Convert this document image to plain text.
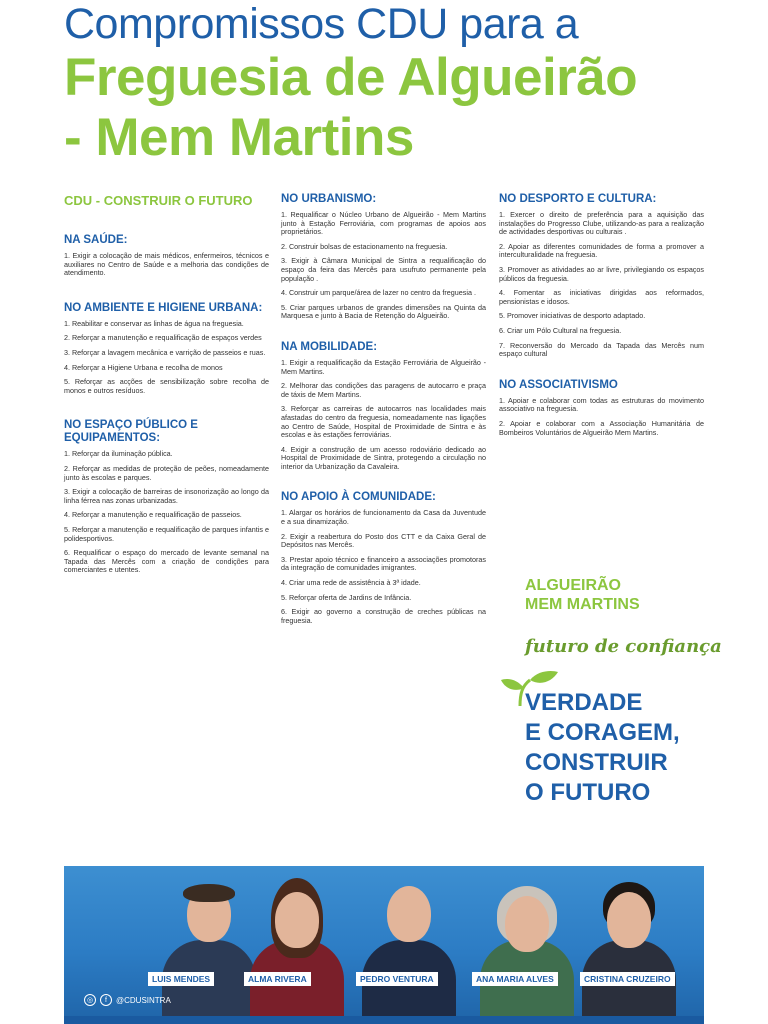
Compromissos CDU para a
Freguesia de Algueirão
- Mem Martins
CDU - CONSTRUIR O FUTURO
NA SAÚDE:
1. Exigir a colocação de mais médicos, enfermeiros, técnicos e auxiliares no Centro de Saúde e a melhoria das condições de atendimento.
NO AMBIENTE E HIGIENE URBANA:
1. Reabilitar e conservar as linhas de água na freguesia.
2. Reforçar a manutenção e requalificação de espaços verdes
3. Reforçar a lavagem mecânica e varrição de passeios e ruas.
4. Reforçar a Higiene Urbana e recolha de monos
5. Reforçar as acções de sensibilização sobre recolha de monos e outros resíduos.
NO ESPAÇO PÚBLICO E EQUIPAMENTOS:
1. Reforçar da iluminação pública.
2. Reforçar as medidas de proteção de peões, nomeadamente junto às escolas e parques.
3. Exigir a colocação de barreiras de insonorização ao longo da linha férrea nas zonas urbanizadas.
4. Reforçar a manutenção e requalificação de passeios.
5. Reforçar a manutenção e requalificação de parques infantis e polidesportivos.
6. Requalificar o espaço do mercado de levante semanal na Tapada das Mercês com a criação de condições para comerciantes e utentes.
NO URBANISMO:
1. Requalificar o Núcleo Urbano de Algueirão - Mem Martins junto à Estação Ferroviária, com programas de apoios aos proprietários.
2. Construir bolsas de estacionamento na freguesia.
3. Exigir à Câmara Municipal de Sintra a requalificação do espaço da feira das Mercês para usufruto permanente pela população .
4. Construir um parque/área de lazer no centro da freguesia .
5. Criar parques urbanos de grandes dimensões na Quinta da Marquesa e junto à Bacia de Retenção do Algueirão.
NA MOBILIDADE:
1. Exigir a requalificação da Estação Ferroviária de Algueirão - Mem Martins.
2. Melhorar das condições das paragens de autocarro e praça de táxis de Mem Martins.
3. Reforçar as carreiras de autocarros nas localidades mais afastadas do centro da freguesia, nomeadamente nas ligações ao Centro de Saúde, Hospital de Proximidade de Sintra e às escolas e às estações ferroviárias.
4. Exigir a construção de um acesso rodoviário dedicado ao Hospital de Proximidade de Sintra, protegendo a circulação no interior da Urbanização da Cavaleira.
NO APOIO À COMUNIDADE:
1. Alargar os horários de funcionamento da Casa da Juventude e a sua dinamização.
2. Exigir a reabertura do Posto dos CTT e da Caixa Geral de Depósitos nas Mercês.
3. Prestar apoio técnico e financeiro a associações promotoras da integração de comunidades imigrantes.
4. Criar uma rede de assistência à 3ª idade.
5. Reforçar oferta de Jardins de Infância.
6. Exigir ao governo a construção de creches públicas na freguesia.
NO DESPORTO E CULTURA:
1. Exercer o direito de preferência para a aquisição das instalações do Progresso Clube, utilizando-as para a realização de actividades desportivas ou culturais .
2. Apoiar as diferentes comunidades de forma a promover a interculturalidade na freguesia.
3. Promover as atividades ao ar livre, privilegiando os espaços públicos da freguesia.
4. Fomentar as iniciativas dirigidas aos reformados, pensionistas e idosos.
5. Promover iniciativas de desporto adaptado.
6. Criar um Pólo Cultural na freguesia.
7. Reconversão do Mercado da Tapada das Mercês num espaço cultural
NO ASSOCIATIVISMO
1. Apoiar e colaborar com todas as estruturas do movimento associativo na freguesia.
2. Apoiar e colaborar com a Associação Humanitária de Bombeiros Voluntários de Algueirão Mem Martins.
ALGUEIRÃO
MEM MARTINS
futuro de confiança
VERDADE
E CORAGEM,
CONSTRUIR
O FUTURO
LUIS MENDES	ALMA RIVERA	PEDRO VENTURA	ANA MARIA ALVES	CRISTINA CRUZEIRO
◎	f	@CDUSINTRA
